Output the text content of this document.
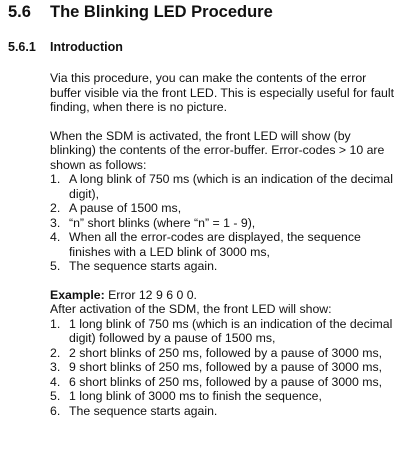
5.6 The Blinking LED Procedure
5.6.1 Introduction

Via this procedure, you can make the contents of the error buffer visible via the front LED. This is especially useful for fault finding, when there is no picture.

When the SDM is activated, the front LED will show (by blinking) the contents of the error-buffer. Error-codes > 10 are shown as follows:

1 . A long blink of 750 ms (which is an indication of the decimal digit),
2 . A pause of 1500 ms,
3 . “n” short blinks (where “n” = 1 - 9),
4 . When all the error-codes are displayed, the sequence finishes with a LED blink of 3000 ms,
5 . The sequence starts again.

Example: Error 12 9 6 0 0.

After activation of the SDM, the front LED will show:

1 . 1 long blink of 750 ms (which is an indication of the decimal digit) followed by a pause of 1500 ms,
2 . 2 short blinks of 250 ms, followed by a pause of 3000 ms,
3 . 9 short blinks of 250 ms, followed by a pause of 3000 ms,
4 . 6 short blinks of 250 ms, followed by a pause of 3000 ms,
5 . 1 long blink of 3000 ms to finish the sequence,
6 . The sequence starts again.
